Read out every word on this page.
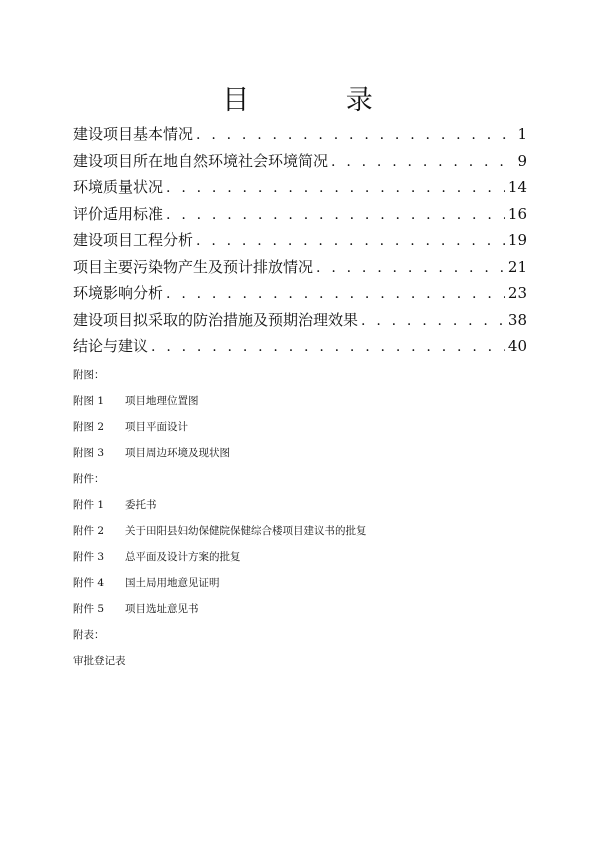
目 录
建设项目基本情况 . . .	1
建设项目所在地自然环境社会环境简况 . . .	9
环境质量状况 . . .	14
评价适用标准 . . .	16
建设项目工程分析 . . .	19
项目主要污染物产生及预计排放情况 . . .	21
环境影响分析 . . .	23
建设项目拟采取的防治措施及预期治理效果 . . .	38
结论与建议 . . .	40
附图：
附图 1 项目地理位置图
附图 2 项目平面设计
附图 3 项目周边环境及现状图
附件：
附件 1 委托书
附件 2 关于田阳县妇幼保健院保健综合楼项目建议书的批复
附件 3 总平面及设计方案的批复
附件 4 国土局用地意见证明
附件 5 项目选址意见书
附表：
审批登记表
